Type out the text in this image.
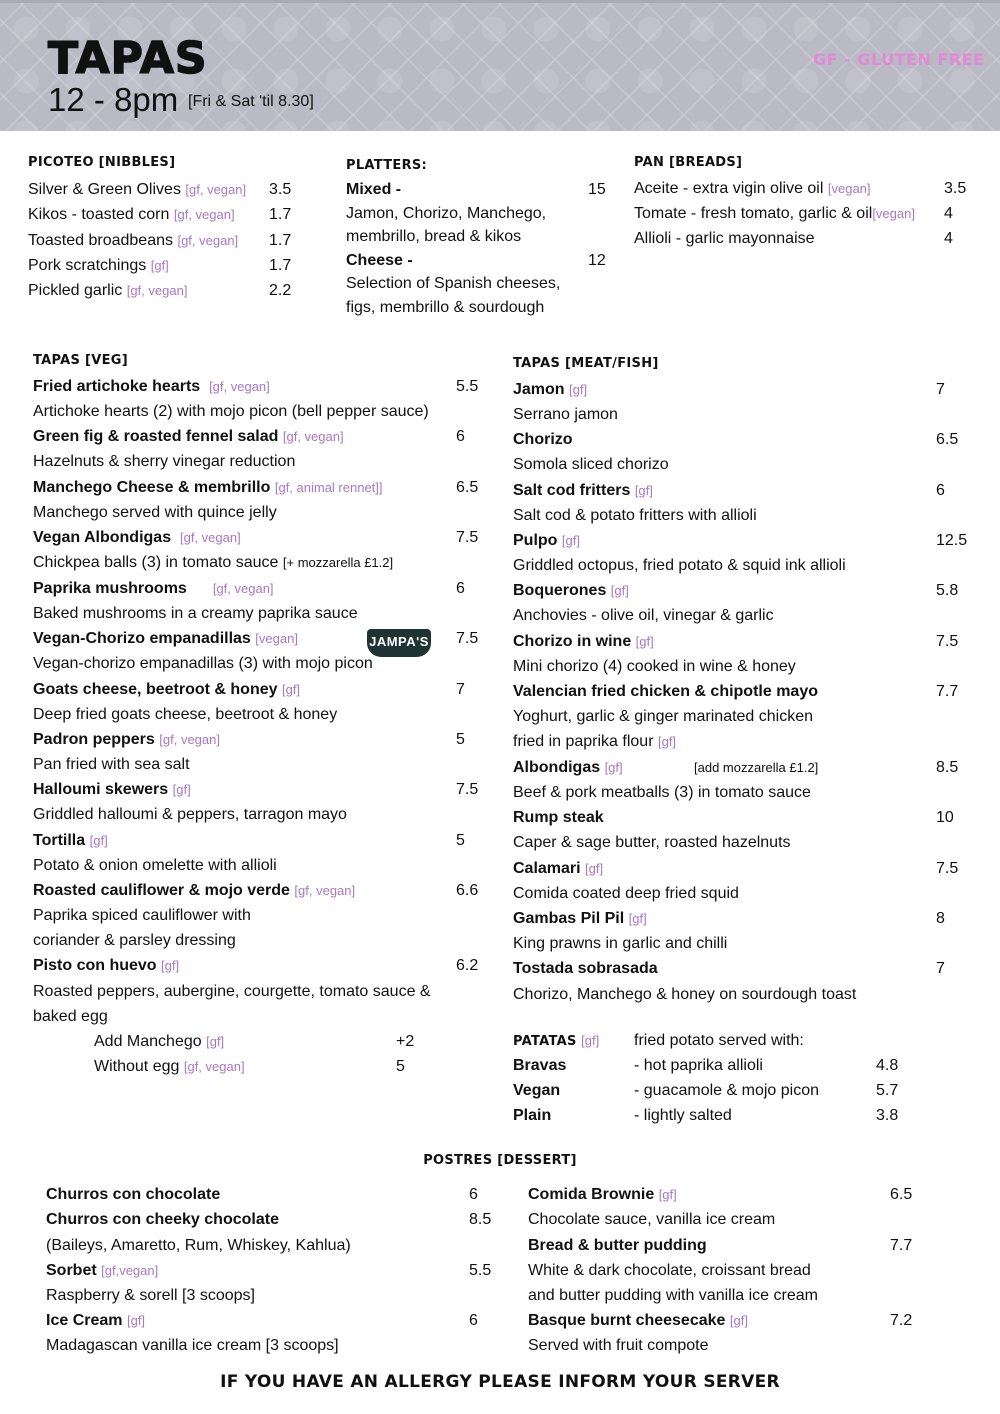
TAPAS
12 - 8pm [Fri & Sat 'til 8.30]
GF - GLUTEN FREE
PICOTEO [NIBBLES]
Silver & Green Olives [gf, vegan] 3.5
Kikos - toasted corn [gf, vegan] 1.7
Toasted broadbeans [gf, vegan] 1.7
Pork scratchings [gf]	1.7
Pickled garlic [gf, vegan]	2.2
PLATTERS:
Mixed -	15
Jamon, Chorizo, Manchego,
membrillo, bread & kikos
Cheese -	12
Selection of Spanish cheeses,
figs, membrillo & sourdough
PAN [BREADS]
Aceite - extra vigin olive oil [vegan]	3.5
Tomate - fresh tomato, garlic & oil[vegan] 4
Allioli - garlic mayonnaise	4
TAPAS [VEG]
Fried artichoke hearts [gf, vegan]	5.5
Artichoke hearts (2) with mojo picon (bell pepper sauce)
Green fig & roasted fennel salad [gf, vegan]	6
Hazelnuts & sherry vinegar reduction
Manchego Cheese & membrillo [gf, animal rennet]]	6.5
Manchego served with quince jelly
Vegan Albondigas [gf, vegan]	7.5
Chickpea balls (3) in tomato sauce [+ mozzarella £1.2]
Paprika mushrooms [gf, vegan]	6
Baked mushrooms in a creamy paprika sauce
Vegan-Chorizo empanadillas [vegan]	7.5
Vegan-chorizo empanadillas (3) with mojo picon
Goats cheese, beetroot & honey [gf]	7
Deep fried goats cheese, beetroot & honey
Padron peppers [gf, vegan]	5
Pan fried with sea salt
Halloumi skewers [gf]	7.5
Griddled halloumi & peppers, tarragon mayo
Tortilla [gf]	5
Potato & onion omelette with allioli
Roasted cauliflower & mojo verde [gf, vegan]	6.6
Paprika spiced cauliflower with
coriander & parsley dressing
Pisto con huevo [gf]	6.2
Roasted peppers, aubergine, courgette, tomato sauce &
baked egg
Add Manchego [gf]	+2
Without egg [gf, vegan]	5
JAMPA'S
TAPAS [MEAT/FISH]
Jamon [gf]	7
Serrano jamon
Chorizo	6.5
Somola sliced chorizo
Salt cod fritters [gf]	6
Salt cod & potato fritters with allioli
Pulpo [gf]	12.5
Griddled octopus, fried potato & squid ink allioli
Boquerones [gf]	5.8
Anchovies - olive oil, vinegar & garlic
Chorizo in wine [gf]	7.5
Mini chorizo (4) cooked in wine & honey
Valencian fried chicken & chipotle mayo	7.7
Yoghurt, garlic & ginger marinated chicken
fried in paprika flour [gf]
Albondigas [gf]	[add mozzarella £1.2]	8.5
Beef & pork meatballs (3) in tomato sauce
Rump steak	10
Caper & sage butter, roasted hazelnuts
Calamari [gf]	7.5
Comida coated deep fried squid
Gambas Pil Pil [gf]	8
King prawns in garlic and chilli
Tostada sobrasada	7
Chorizo, Manchego & honey on sourdough toast
PATATAS [gf] fried potato served with:
Bravas	- hot paprika allioli	4.8
Vegan	- guacamole & mojo picon	5.7
Plain	- lightly salted	3.8
POSTRES [DESSERT]
Churros con chocolate	6
Churros con cheeky chocolate	8.5
(Baileys, Amaretto, Rum, Whiskey, Kahlua)
Sorbet [gf,vegan]	5.5
Raspberry & sorell [3 scoops]
Ice Cream [gf]	6
Madagascan vanilla ice cream [3 scoops]
Comida Brownie [gf]	6.5
Chocolate sauce, vanilla ice cream
Bread & butter pudding	7.7
White & dark chocolate, croissant bread
and butter pudding with vanilla ice cream
Basque burnt cheesecake [gf]	7.2
Served with fruit compote
IF YOU HAVE AN ALLERGY PLEASE INFORM YOUR SERVER
